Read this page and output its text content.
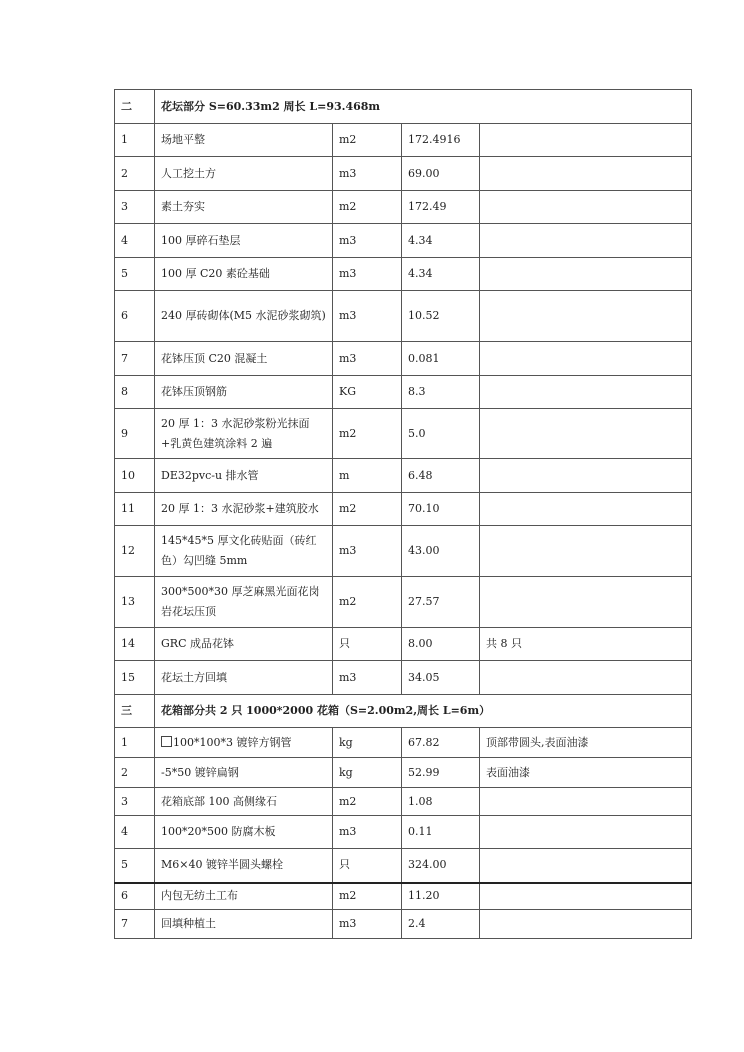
二	花坛部分 S=60.33m2 周长 L=93.468m			
1	场地平整	m2	172.4916	
2	人工挖土方	m3	69.00	
3	素土夯实	m2	172.49	
4	100 厚碎石垫层	m3	4.34	
5	100 厚 C20 素砼基础	m3	4.34	
6	240 厚砖砌体(M5 水泥砂浆砌筑)	m3	10.52	
7	花钵压顶 C20 混凝土	m3	0.081	
8	花钵压顶钢筋	KG	8.3	
9	20 厚 1：3 水泥砂浆粉光抹面+乳黄色建筑涂料 2 遍	m2	5.0	
10	DE32pvc-u 排水管	m	6.48	
11	20 厚 1：3 水泥砂浆+建筑胶水	m2	70.10	
12	145*45*5 厚文化砖贴面（砖红色）勾凹缝 5mm	m3	43.00	
13	300*500*30 厚芝麻黑光面花岗岩花坛压顶	m2	27.57	
14	GRC 成品花钵	只	8.00	共 8 只
15	花坛土方回填	m3	34.05	
三	花箱部分共 2 只 1000*2000 花箱（S=2.00m2,周长 L=6m）			
1	100*100*3 镀锌方钢管	kg	67.82	顶部带圆头,表面油漆
2	-5*50 镀锌扁钢	kg	52.99	表面油漆
3	花箱底部 100 高侧缘石	m2	1.08	
4	100*20*500 防腐木板	m3	0.11	
5	M6×40 镀锌半圆头螺栓	只	324.00	
6	内包无纺土工布	m2	11.20	
7	回填种植土	m3	2.4	
